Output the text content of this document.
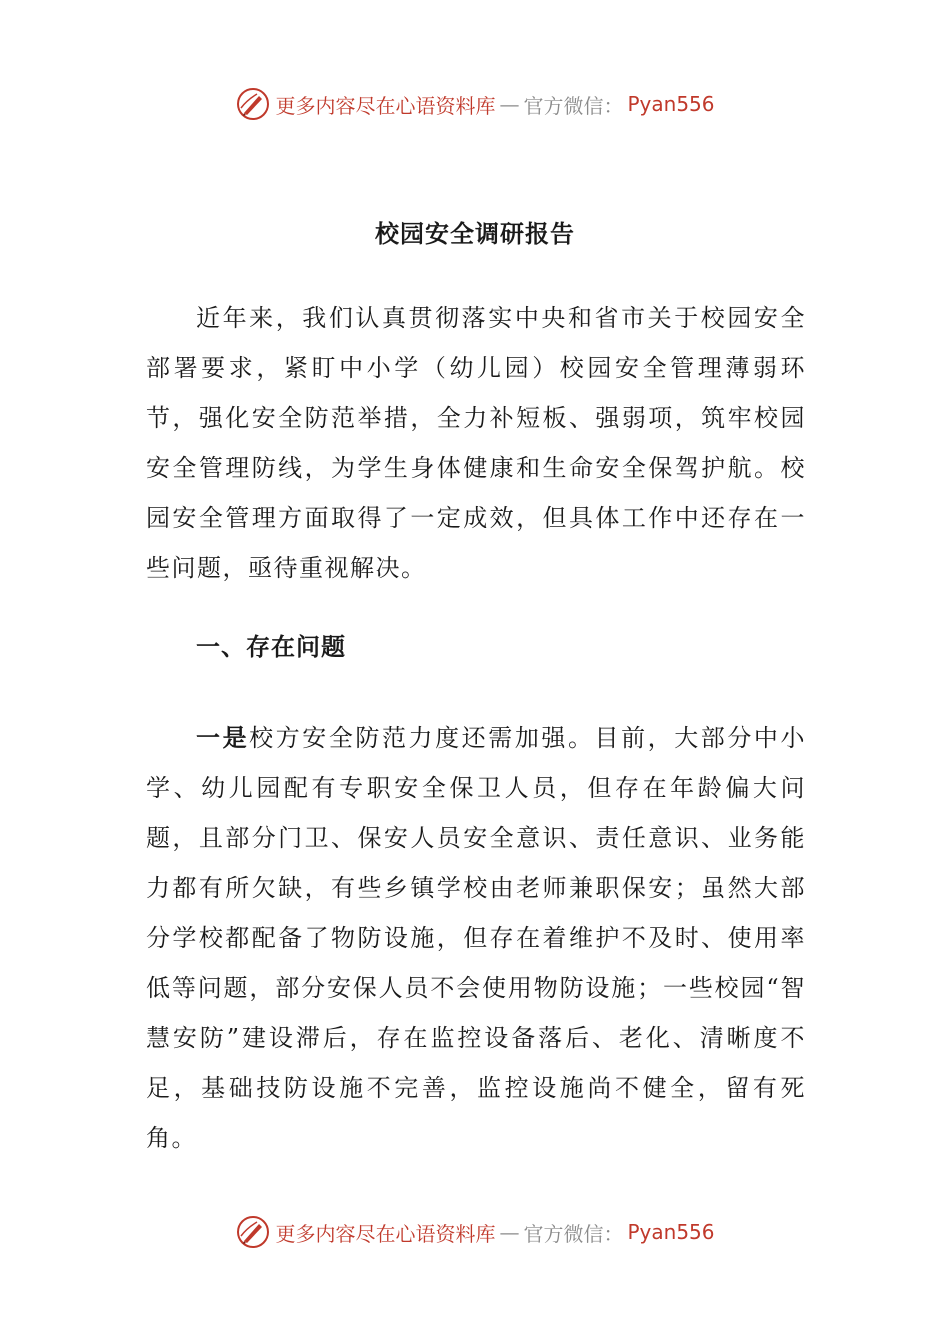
更多内容尽在心语资料库 — 官方微信： Pyan556
校园安全调研报告

近年来，我们认真贯彻落实中央和省市关于校园安全部署要求，紧盯中小学（幼儿园）校园安全管理薄弱环节，强化安全防范举措，全力补短板、强弱项，筑牢校园安全管理防线，为学生身体健康和生命安全保驾护航。校园安全管理方面取得了一定成效，但具体工作中还存在一些问题，亟待重视解决。

一、存在问题

一是校方安全防范力度还需加强。目前，大部分中小学、幼儿园配有专职安全保卫人员，但存在年龄偏大问题，且部分门卫、保安人员安全意识、责任意识、业务能力都有所欠缺，有些乡镇学校由老师兼职保安；虽然大部分学校都配备了物防设施，但存在着维护不及时、使用率低等问题，部分安保人员不会使用物防设施；一些校园“智慧安防”建设滞后，存在监控设备落后、老化、清晰度不足，基础技防设施不完善，监控设施尚不健全，留有死角。

更多内容尽在心语资料库 — 官方微信： Pyan556
